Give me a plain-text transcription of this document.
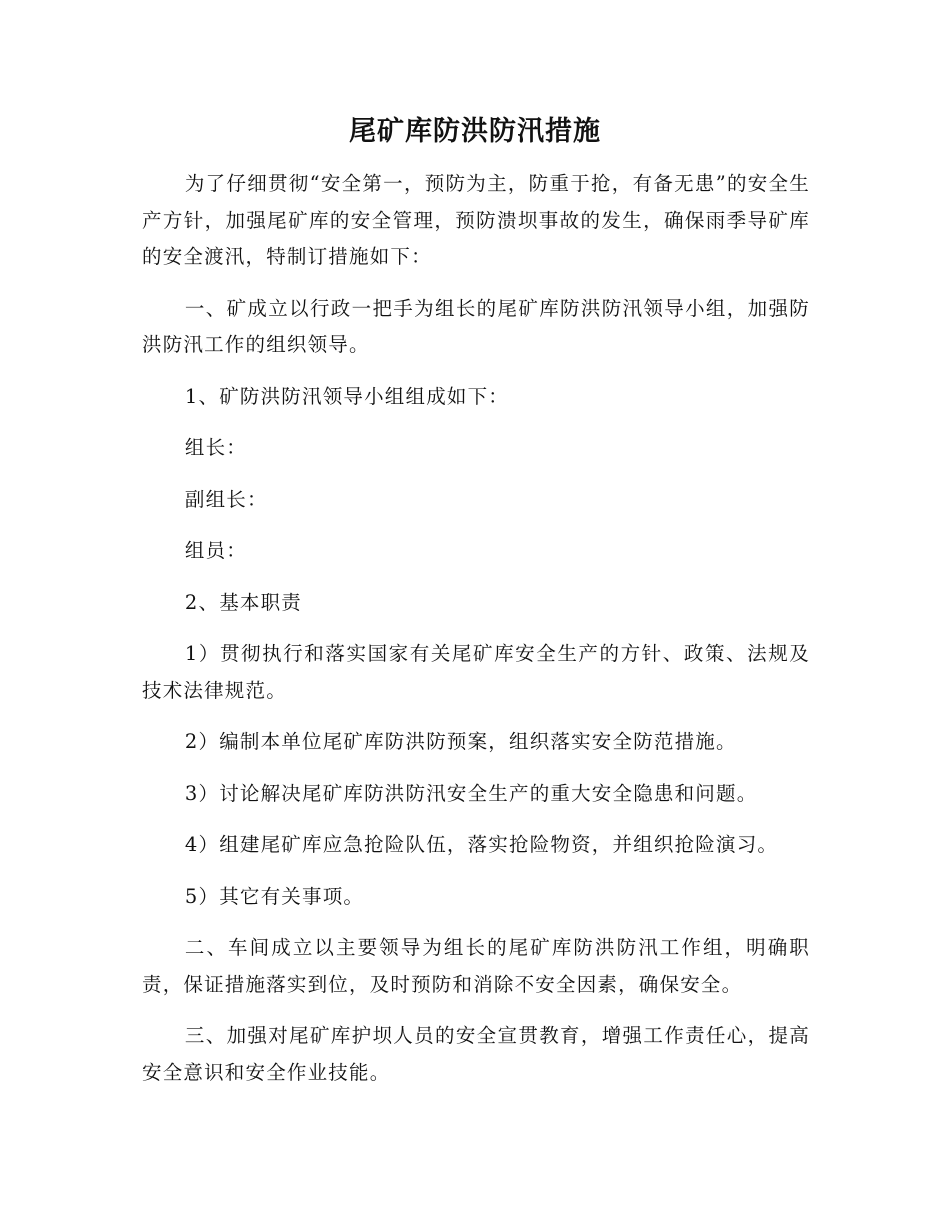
尾矿库防洪防汛措施

为了仔细贯彻“安全第一，预防为主，防重于抢，有备无患”的安全生产方针，加强尾矿库的安全管理，预防溃坝事故的发生，确保雨季导矿库的安全渡汛，特制订措施如下：

一、矿成立以行政一把手为组长的尾矿库防洪防汛领导小组，加强防洪防汛工作的组织领导。

1、矿防洪防汛领导小组组成如下：

组长：

副组长：

组员：

2、基本职责

1）贯彻执行和落实国家有关尾矿库安全生产的方针、政策、法规及技术法律规范。

2）编制本单位尾矿库防洪防预案，组织落实安全防范措施。

3）讨论解决尾矿库防洪防汛安全生产的重大安全隐患和问题。

4）组建尾矿库应急抢险队伍，落实抢险物资，并组织抢险演习。

5）其它有关事项。

二、车间成立以主要领导为组长的尾矿库防洪防汛工作组，明确职责，保证措施落实到位，及时预防和消除不安全因素，确保安全。

三、加强对尾矿库护坝人员的安全宣贯教育，增强工作责任心，提高安全意识和安全作业技能。
